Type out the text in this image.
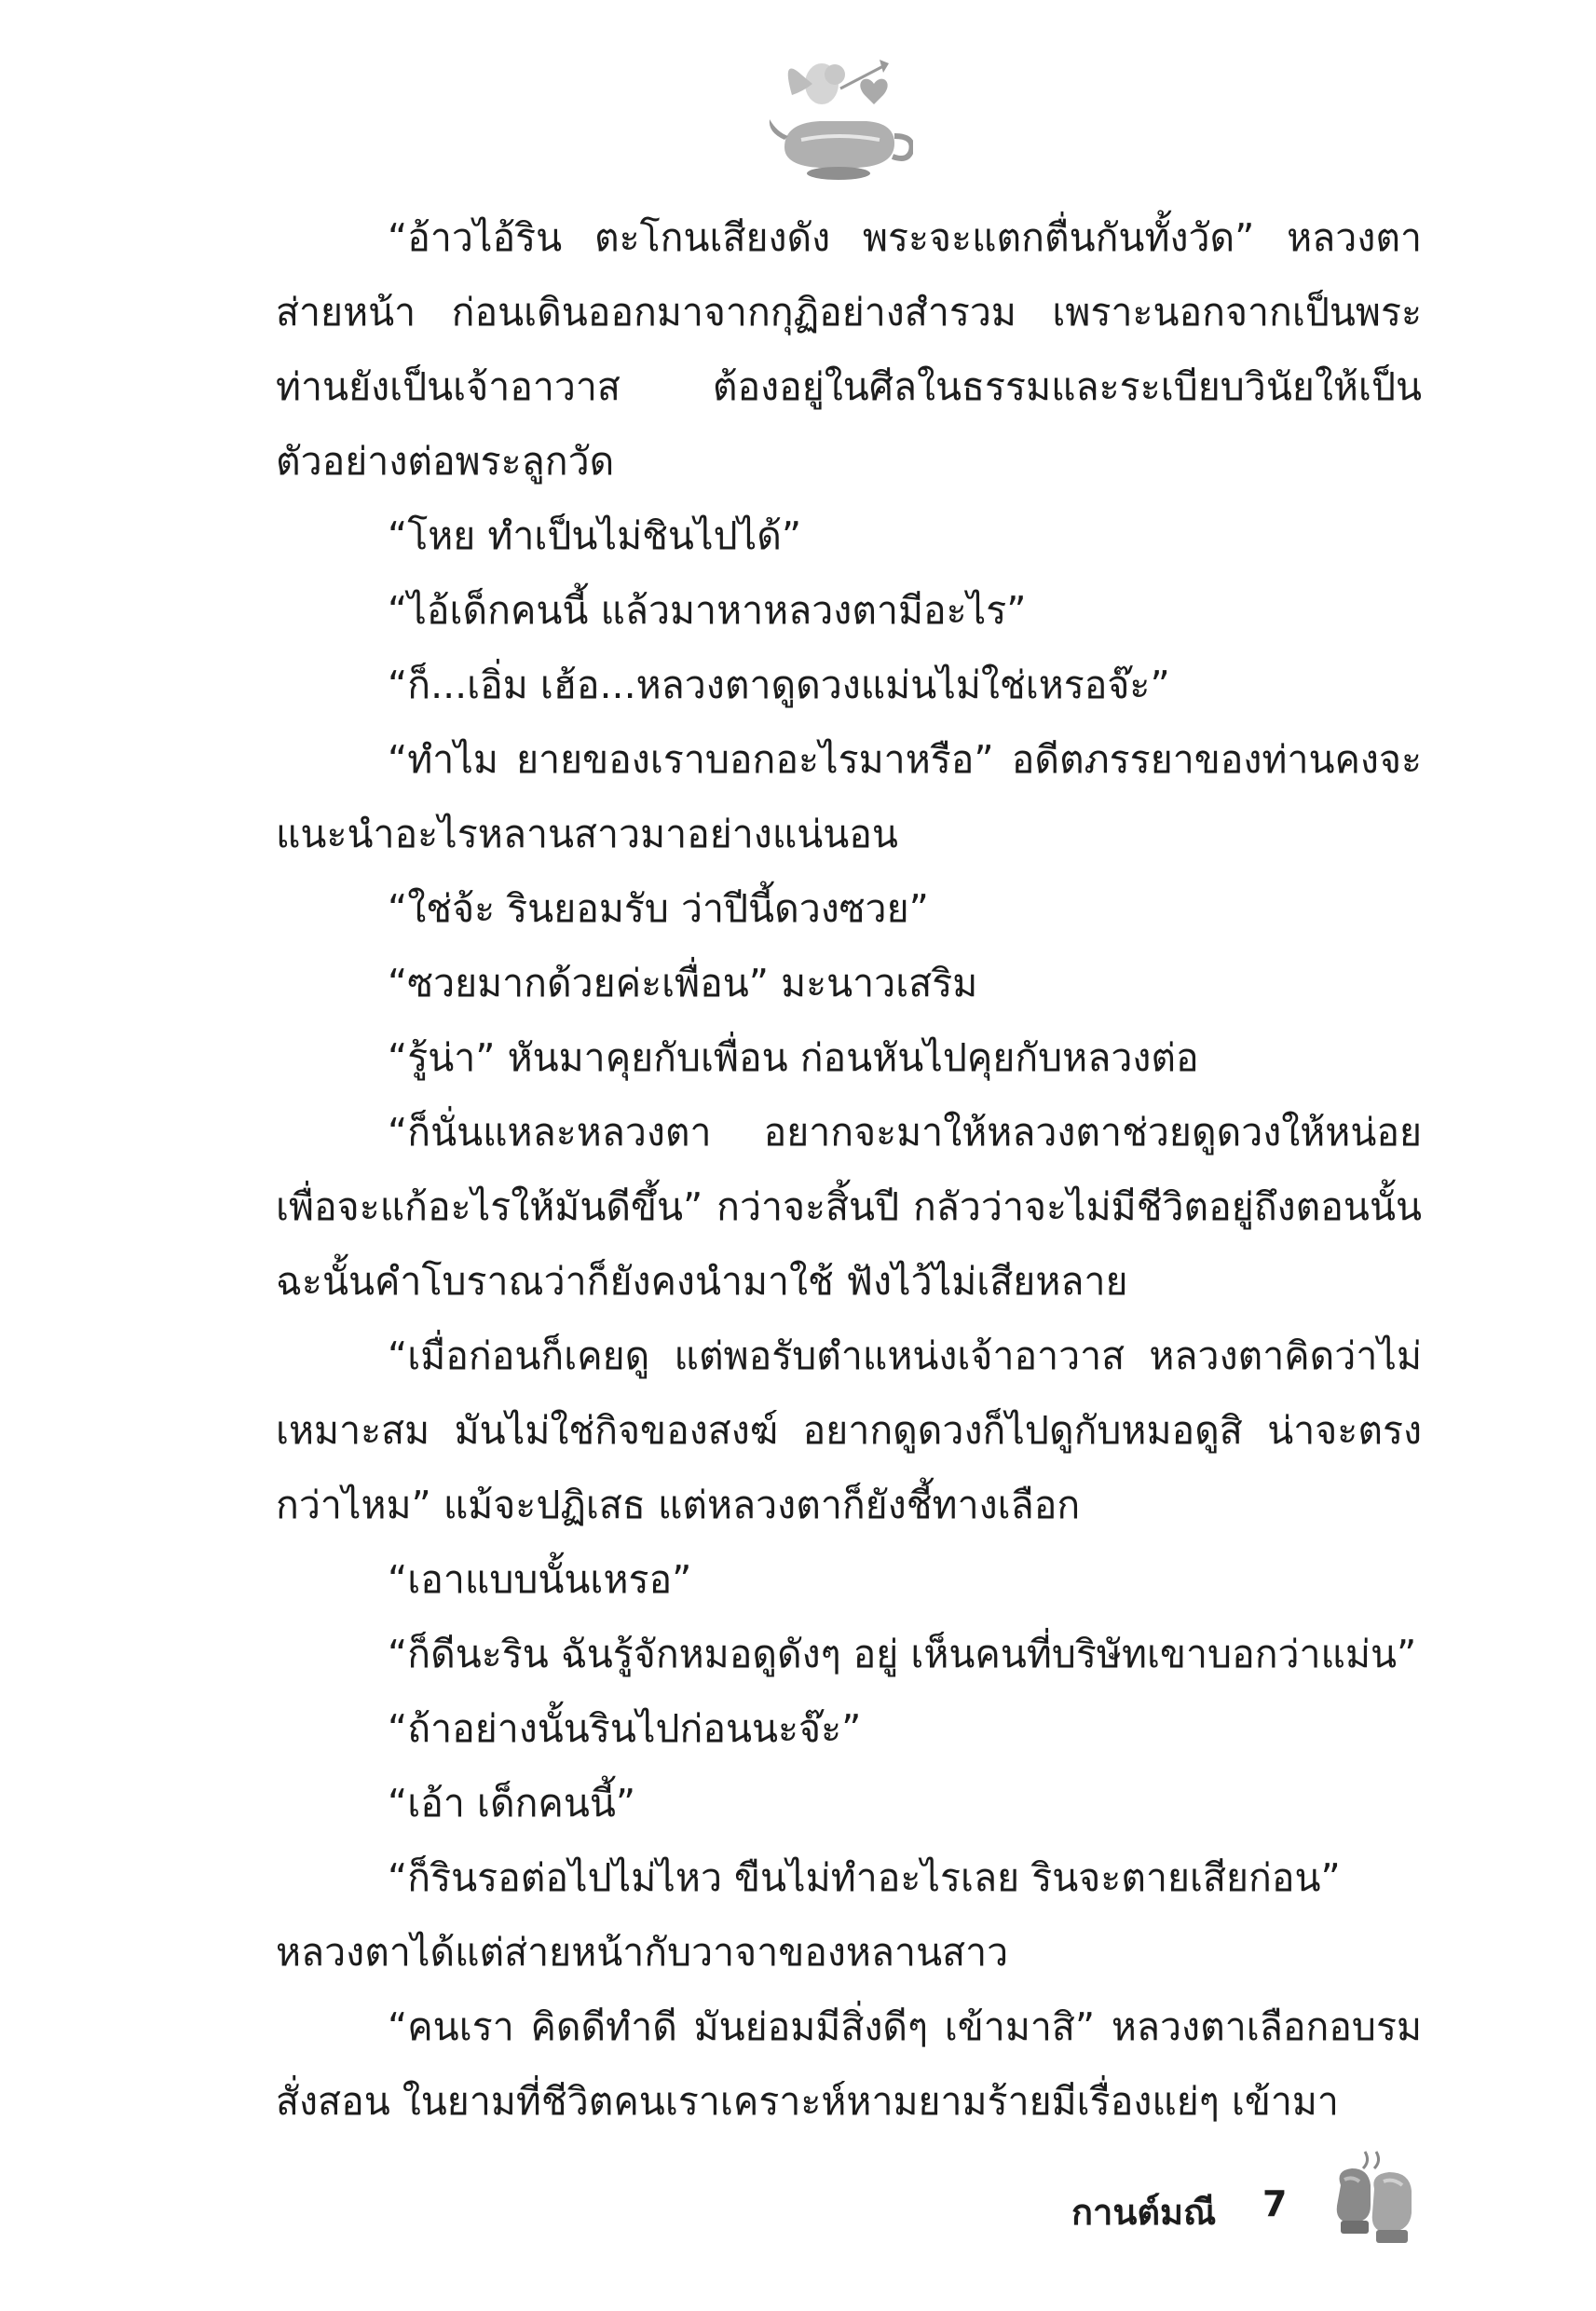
“อ้าวไอ้ริน ตะโกนเสียงดัง พระจะแตกตื่นกันทั้งวัด” หลวงตาส่ายหน้า ก่อนเดินออกมาจากกุฏิอย่างสำรวม เพราะนอกจากเป็นพระท่านยังเป็นเจ้าอาวาส ต้องอยู่ในศีลในธรรมและระเบียบวินัยให้เป็นตัวอย่างต่อพระลูกวัด

“โหย ทำเป็นไม่ชินไปได้”

“ไอ้เด็กคนนี้ แล้วมาหาหลวงตามีอะไร”

“ก็...เอิ่ม เฮ้อ...หลวงตาดูดวงแม่นไม่ใช่เหรอจ๊ะ”

“ทำไม ยายของเราบอกอะไรมาหรือ” อดีตภรรยาของท่านคงจะแนะนำอะไรหลานสาวมาอย่างแน่นอน

“ใช่จ้ะ รินยอมรับ ว่าปีนี้ดวงซวย”

“ซวยมากด้วยค่ะเพื่อน” มะนาวเสริม

“รู้น่า” หันมาคุยกับเพื่อน ก่อนหันไปคุยกับหลวงต่อ

“ก็นั่นแหละหลวงตา อยากจะมาให้หลวงตาช่วยดูดวงให้หน่อยเพื่อจะแก้อะไรให้มันดีขึ้น” กว่าจะสิ้นปี กลัวว่าจะไม่มีชีวิตอยู่ถึงตอนนั้นฉะนั้นคำโบราณว่าก็ยังคงนำมาใช้ ฟังไว้ไม่เสียหลาย

“เมื่อก่อนก็เคยดู แต่พอรับตำแหน่งเจ้าอาวาส หลวงตาคิดว่าไม่เหมาะสม มันไม่ใช่กิจของสงฆ์ อยากดูดวงก็ไปดูกับหมอดูสิ น่าจะตรงกว่าไหม” แม้จะปฏิเสธ แต่หลวงตาก็ยังชี้ทางเลือก

“เอาแบบนั้นเหรอ”

“ก็ดีนะริน ฉันรู้จักหมอดูดังๆ อยู่ เห็นคนที่บริษัทเขาบอกว่าแม่น”

“ถ้าอย่างนั้นรินไปก่อนนะจ๊ะ”

“เอ้า เด็กคนนี้”

“ก็รินรอต่อไปไม่ไหว ขืนไม่ทำอะไรเลย รินจะตายเสียก่อน”

หลวงตาได้แต่ส่ายหน้ากับวาจาของหลานสาว

“คนเรา คิดดีทำดี มันย่อมมีสิ่งดีๆ เข้ามาสิ” หลวงตาเลือกอบรมสั่งสอน ในยามที่ชีวิตคนเราเคราะห์หามยามร้ายมีเรื่องแย่ๆ เข้ามา

กานต์มณี 7
